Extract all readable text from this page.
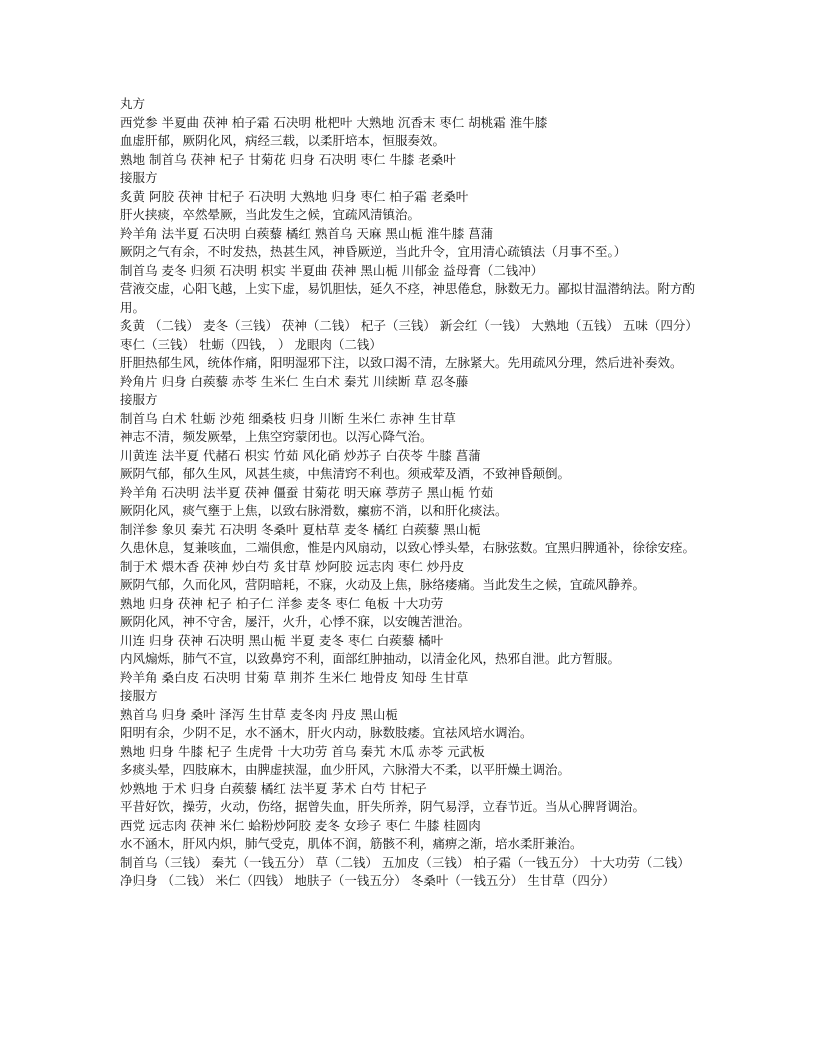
丸方

西党参 半夏曲 茯神 柏子霜 石决明 枇杷叶 大熟地 沉香末 枣仁 胡桃霜 淮牛膝

血虚肝郁，厥阴化风，病经三载，以柔肝培本，恒服奏效。

熟地 制首乌 茯神 杞子 甘菊花 归身 石决明 枣仁 牛膝 老桑叶

接服方

炙黄 阿胶 茯神 甘杞子 石决明 大熟地 归身 枣仁 柏子霜 老桑叶

肝火挟痰，卒然晕厥，当此发生之候，宜疏风清镇治。

羚羊角 法半夏 石决明 白蒺藜 橘红 熟首乌 天麻 黑山栀 淮牛膝 菖蒲

厥阴之气有余，不时发热，热甚生风，神昏厥逆，当此升令，宜用清心疏镇法（月事不至。）

制首乌 麦冬 归须 石决明 枳实 半夏曲 茯神 黑山栀 川郁金 益母膏（二钱冲）

营液交虚，心阳飞越，上实下虚，易饥胆怯，延久不痉，神思倦怠，脉数无力。鄙拟甘温潜纳法。附方酌用。

炙黄 （二钱） 麦冬（三钱） 茯神（二钱） 杞子（三钱） 新会红（一钱） 大熟地（五钱） 五味（四分）

枣仁（三钱） 牡蛎（四钱， ） 龙眼肉（二钱）

肝胆热郁生风，统体作痛，阳明湿邪下注，以致口渴不清，左脉紧大。先用疏风分理，然后进补奏效。

羚角片 归身 白蒺藜 赤苓 生米仁 生白术 秦艽 川续断 草 忍冬藤

接服方

制首乌 白术 牡蛎 沙苑 细桑枝 归身 川断 生米仁 赤神 生甘草

神志不清，频发厥晕，上焦空窍蒙闭也。以泻心降气治。

川黄连 法半夏 代赭石 枳实 竹茹 风化硝 炒苏子 白茯苓 牛膝 菖蒲

厥阴气郁，郁久生风，风甚生痰，中焦清窍不利也。须戒荤及酒，不致神昏颠倒。

羚羊角 石决明 法半夏 茯神 僵蚕 甘菊花 明天麻 葶苈子 黑山栀 竹茹

厥阴化风，痰气壅于上焦，以致右脉滑数，瘰疬不消，以和肝化痰法。

制洋参 象贝 秦艽 石决明 冬桑叶 夏枯草 麦冬 橘红 白蒺藜 黑山栀

久患休息，复兼咳血，二端俱愈，惟是内风扇动，以致心悸头晕，右脉弦数。宜黑归脾通补，徐徐安痊。

制于术 煨木香 茯神 炒白芍 炙甘草 炒阿胶 远志肉 枣仁 炒丹皮

厥阴气郁，久而化风，营阴暗耗，不寐，火动及上焦，脉络痿痛。当此发生之候，宜疏风静养。

熟地 归身 茯神 杞子 柏子仁 洋参 麦冬 枣仁 龟板 十大功劳

厥阴化风，神不守舍，屡汗，火升，心悸不寐，以安魄苦泄治。

川连 归身 茯神 石决明 黑山栀 半夏 麦冬 枣仁 白蒺藜 橘叶

内风煽烁，肺气不宣，以致鼻窍不利，面部红肿抽动，以清金化风，热邪自泄。此方暂服。

羚羊角 桑白皮 石决明 甘菊 草 荆芥 生米仁 地骨皮 知母 生甘草

接服方

熟首乌 归身 桑叶 泽泻 生甘草 麦冬肉 丹皮 黑山栀

阳明有余，少阴不足，水不涵木，肝火内动，脉数肢痿。宜祛风培水调治。

熟地 归身 牛膝 杞子 生虎骨 十大功劳 首乌 秦艽 木瓜 赤苓 元武板

多痰头晕，四肢麻木，由脾虚挟湿，血少肝风，六脉滑大不柔，以平肝燥土调治。

炒熟地 于术 归身 白蒺藜 橘红 法半夏 茅术 白芍 甘杞子

平昔好饮，操劳，火动，伤络，据曾失血，肝失所养，阴气易浮，立春节近。当从心脾肾调治。

西党 远志肉 茯神 米仁 蛤粉炒阿胶 麦冬 女珍子 枣仁 牛膝 桂圆肉

水不涵木，肝风内炽，肺气受克，肌体不润，筋骸不利，痛痹之渐，培水柔肝兼治。

制首乌（三钱） 秦艽（一钱五分） 草（二钱） 五加皮（三钱） 柏子霜（一钱五分） 十大功劳（二钱）

净归身 （二钱） 米仁（四钱） 地肤子（一钱五分） 冬桑叶（一钱五分） 生甘草（四分）
